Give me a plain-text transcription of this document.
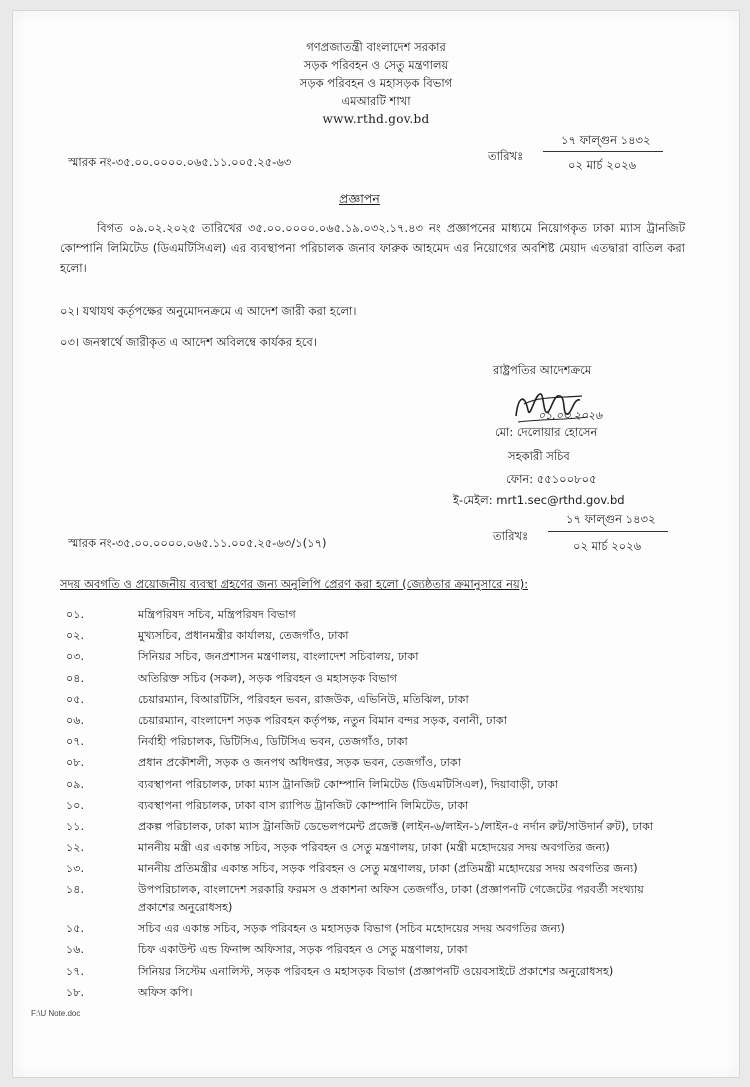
গণপ্রজাতন্ত্রী বাংলাদেশ সরকার
সড়ক পরিবহন ও সেতু মন্ত্রণালয়
সড়ক পরিবহন ও মহাসড়ক বিভাগ
এমআরটি শাখা
www.rthd.gov.bd
স্মারক নং-৩৫.০০.০০০০.০৬৫.১১.০০৫.২৫-৬৩	তারিখঃ
১৭ ফাল্গুন ১৪৩২
০২ মার্চ ২০২৬
প্রজ্ঞাপন
বিগত ০৯.০২.২০২৫ তারিখের ৩৫.০০.০০০০.০৬৫.১৯.০৩২.১৭.৪৩ নং প্রজ্ঞাপনের মাধ্যমে নিয়োগকৃত ঢাকা ম্যাস ট্রানজিট কোম্পানি লিমিটেড (ডিএমটিসিএল) এর ব্যবস্থাপনা পরিচালক জনাব ফারুক আহমেদ এর নিয়োগের অবশিষ্ট মেয়াদ এতদ্বারা বাতিল করা হলো।
০২। যথাযথ কর্তৃপক্ষের অনুমোদনক্রমে এ আদেশ জারী করা হলো।
০৩। জনস্বার্থে জারীকৃত এ আদেশ অবিলম্বে কার্যকর হবে।
রাষ্ট্রপতির আদেশক্রমে
০১.০৩.২০২৬
মো: দেলোয়ার হোসেন
সহকারী সচিব
ফোন: ৫৫১০০৮০৫
ই-মেইল: mrt1.sec@rthd.gov.bd
স্মারক নং-৩৫.০০.০০০০.০৬৫.১১.০০৫.২৫-৬৩/১(১৭)	তারিখঃ
১৭ ফাল্গুন ১৪৩২
০২ মার্চ ২০২৬
সদয় অবগতি ও প্রয়োজনীয় ব্যবস্থা গ্রহণের জন্য অনুলিপি প্রেরণ করা হলো (জ্যেষ্ঠতার ক্রমানুসারে নয়):
০১.	মন্ত্রিপরিষদ সচিব, মন্ত্রিপরিষদ বিভাগ
০২.	মুখ্যসচিব, প্রধানমন্ত্রীর কার্যালয়, তেজগাঁও, ঢাকা
০৩.	সিনিয়র সচিব, জনপ্রশাসন মন্ত্রণালয়, বাংলাদেশ সচিবালয়, ঢাকা
০৪.	অতিরিক্ত সচিব (সকল), সড়ক পরিবহন ও মহাসড়ক বিভাগ
০৫.	চেয়ারম্যান, বিআরটিসি, পরিবহন ভবন, রাজউক, এভিনিউ, মতিঝিল, ঢাকা
০৬.	চেয়ারম্যান, বাংলাদেশ সড়ক পরিবহন কর্তৃপক্ষ, নতুন বিমান বন্দর সড়ক, বনানী, ঢাকা
০৭.	নির্বাহী পরিচালক, ডিটিসিএ, ডিটিসিএ ভবন, তেজগাঁও, ঢাকা
০৮.	প্রধান প্রকৌশলী, সড়ক ও জনপথ অধিদপ্তর, সড়ক ভবন, তেজগাঁও, ঢাকা
০৯.	ব্যবস্থাপনা পরিচালক, ঢাকা ম্যাস ট্রানজিট কোম্পানি লিমিটেড (ডিএমটিসিএল), দিয়াবাড়ী, ঢাকা
১০.	ব্যবস্থাপনা পরিচালক, ঢাকা বাস র‍্যাপিড ট্রানজিট কোম্পানি লিমিটেড, ঢাকা
১১.	প্রকল্প পরিচালক, ঢাকা ম্যাস ট্রানজিট ডেভেলপমেন্ট প্রজেক্ট (লাইন-৬/লাইন-১/লাইন-৫ নর্দান রুট/সাউদার্ন রুট), ঢাকা
১২.	মাননীয় মন্ত্রী এর একান্ত সচিব, সড়ক পরিবহন ও সেতু মন্ত্রণালয়, ঢাকা (মন্ত্রী মহোদয়ের সদয় অবগতির জন্য)
১৩.	মাননীয় প্রতিমন্ত্রীর একান্ত সচিব, সড়ক পরিবহন ও সেতু মন্ত্রণালয়, ঢাকা (প্রতিমন্ত্রী মহোদয়ের সদয় অবগতির জন্য)
১৪.	উপপরিচালক, বাংলাদেশ সরকারি ফরমস ও প্রকাশনা অফিস তেজগাঁও, ঢাকা (প্রজ্ঞাপনটি গেজেটের পরবর্তী সংখ্যায় প্রকাশের অনুরোধসহ)
১৫.	সচিব এর একান্ত সচিব, সড়ক পরিবহন ও মহাসড়ক বিভাগ (সচিব মহোদয়ের সদয় অবগতির জন্য)
১৬.	চিফ একাউন্ট এন্ড ফিনান্স অফিসার, সড়ক পরিবহন ও সেতু মন্ত্রণালয়, ঢাকা
১৭.	সিনিয়র সিস্টেম এনালিস্ট, সড়ক পরিবহন ও মহাসড়ক বিভাগ (প্রজ্ঞাপনটি ওয়েবসাইটে প্রকাশের অনুরোধসহ)
১৮.	অফিস কপি।
F:\U Note.doc
